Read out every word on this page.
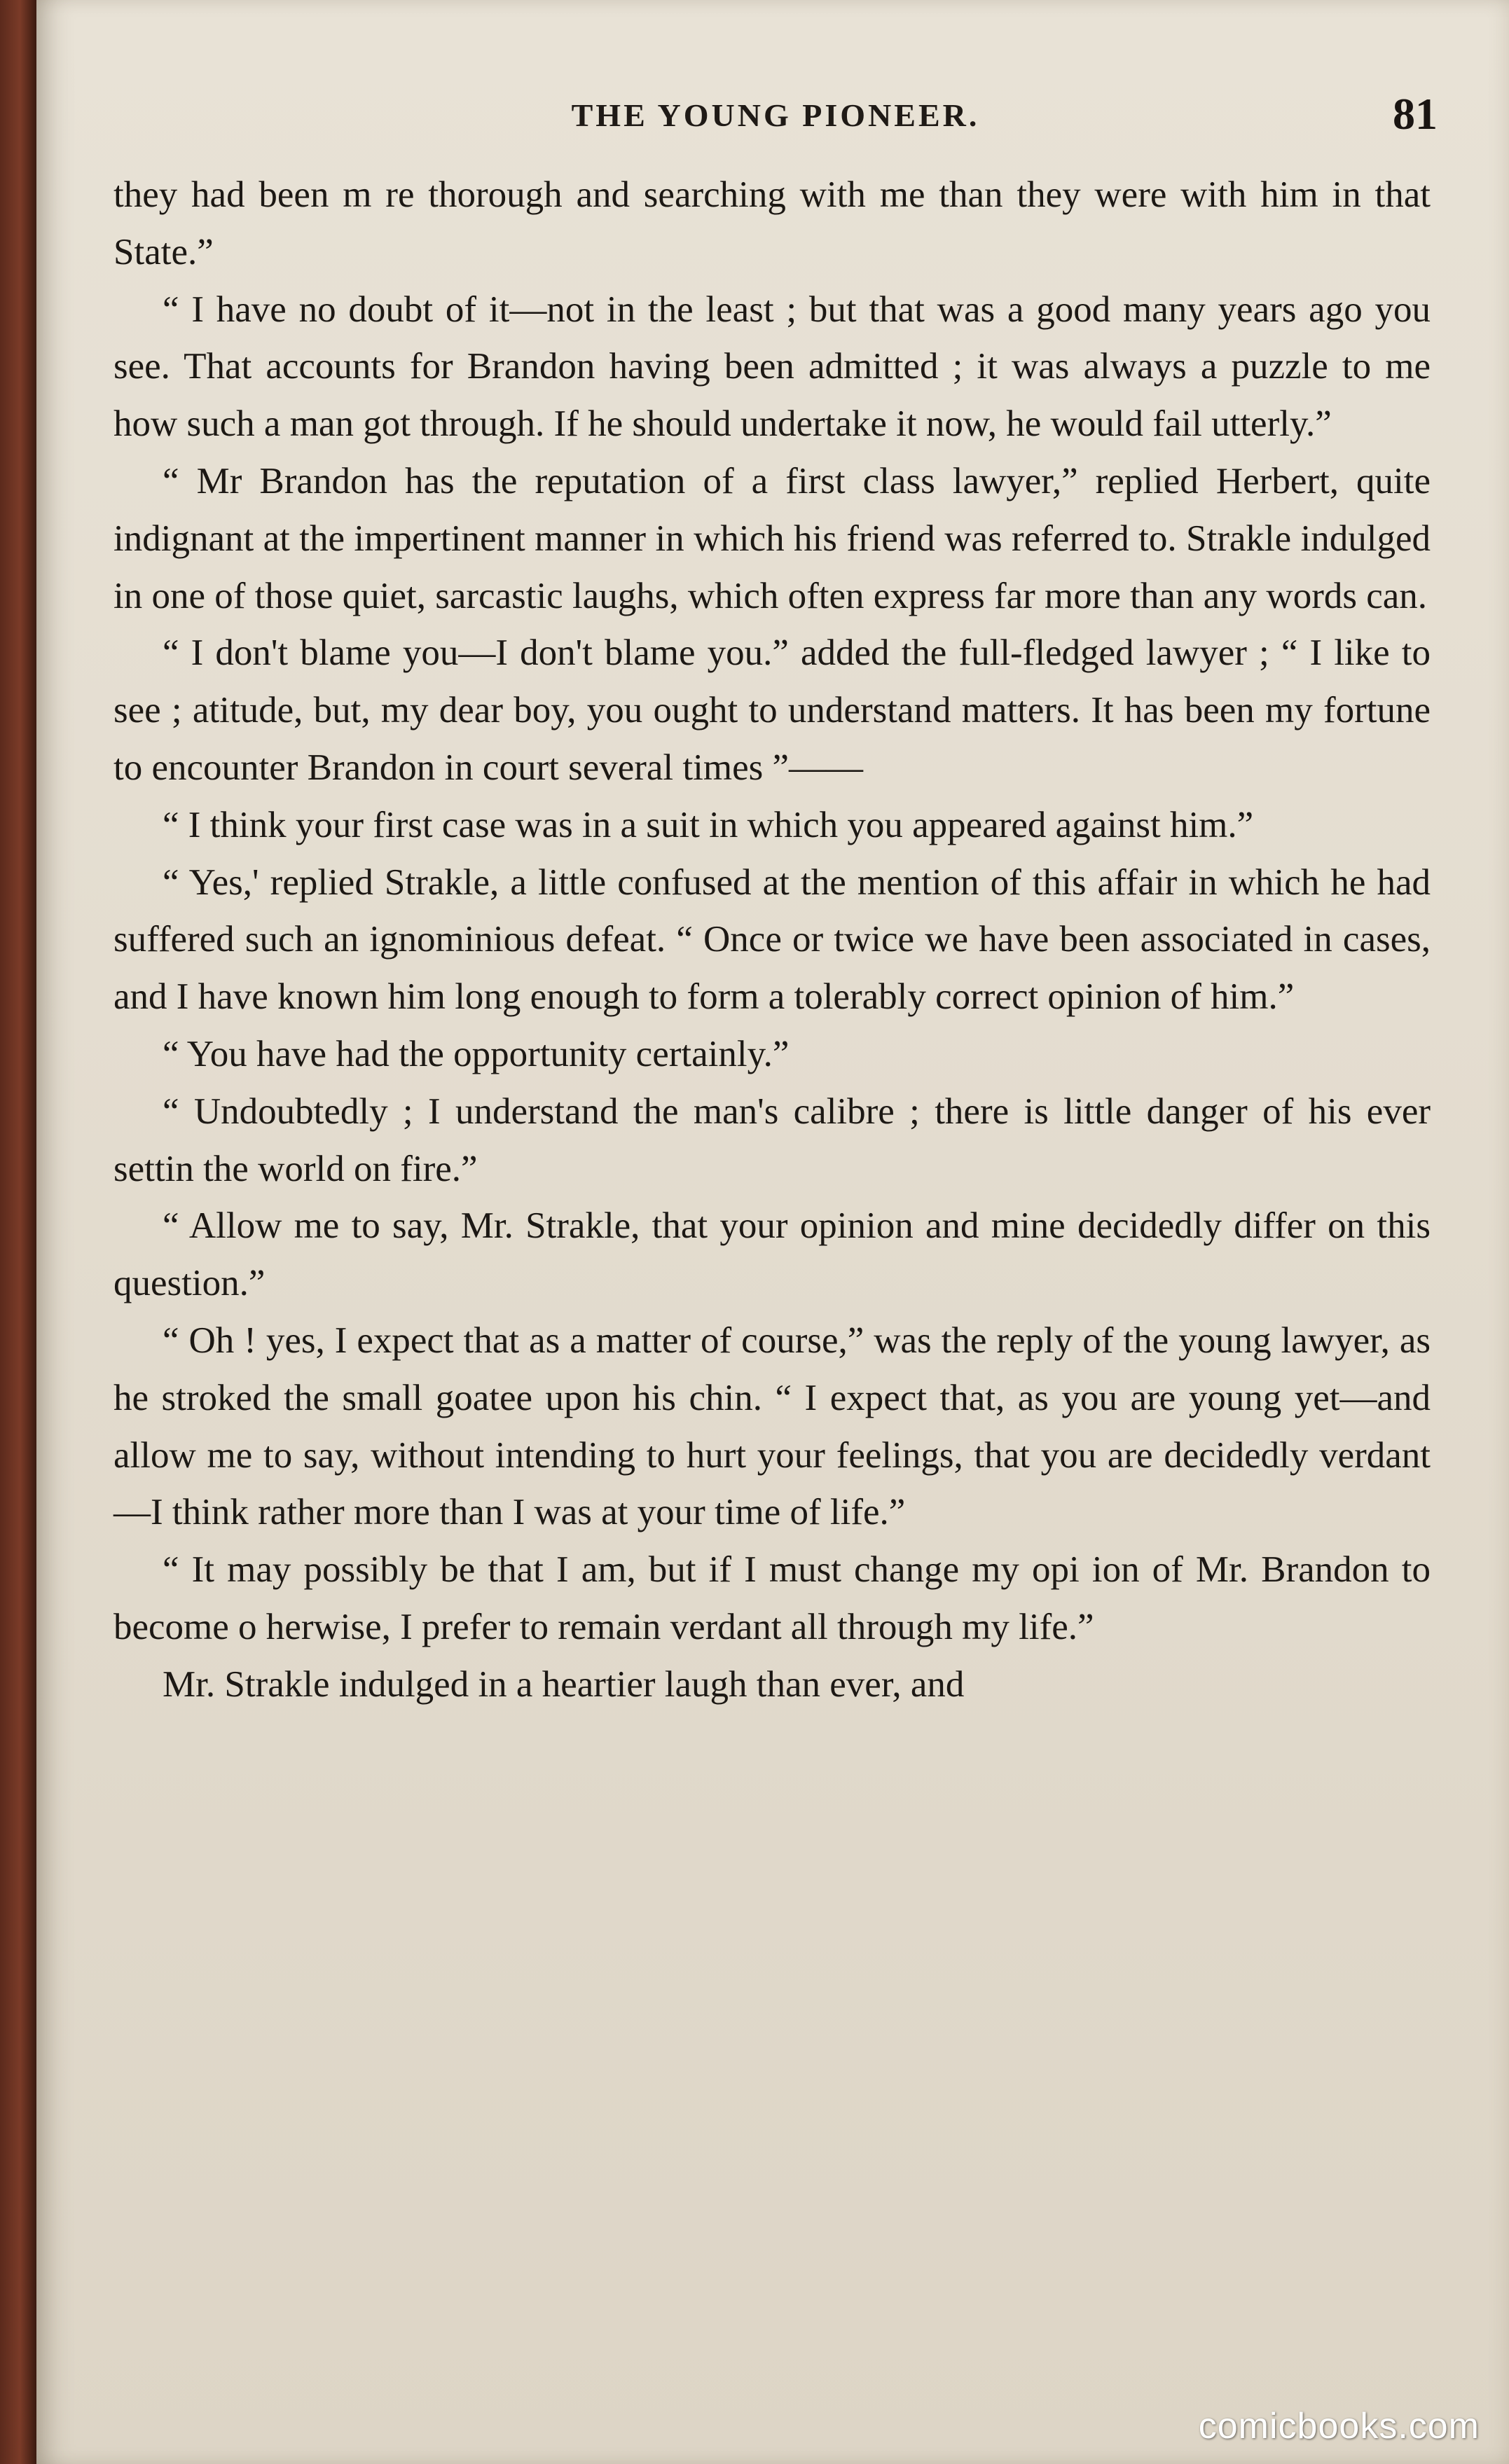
THE YOUNG PIONEER.	81

they had been m re thorough and searching with me than they were with him in that State.”

“ I have no doubt of it—not in the least ; but that was a good many years ago you see. That accounts for Brandon having been admitted ; it was always a puzzle to me how such a man got through. If he should undertake it now, he would fail utterly.”

“ Mr Brandon has the reputation of a first class lawyer,” replied Herbert, quite indignant at the impertinent manner in which his friend was referred to. Strakle indulged in one of those quiet, sarcastic laughs, which often express far more than any words can.

“ I don't blame you—I don't blame you.” added the full-fledged lawyer ; “ I like to see ; atitude, but, my dear boy, you ought to understand matters. It has been my fortune to encounter Brandon in court several times ”——

“ I think your first case was in a suit in which you appeared against him.”

“ Yes,' replied Strakle, a little confused at the mention of this affair in which he had suffered such an ignominious defeat. “ Once or twice we have been associated in cases, and I have known him long enough to form a tolerably correct opinion of him.”

“ You have had the opportunity certainly.”

“ Undoubtedly ; I understand the man's calibre ; there is little danger of his ever settin the world on fire.”

“ Allow me to say, Mr. Strakle, that your opinion and mine decidedly differ on this question.”

“ Oh ! yes, I expect that as a matter of course,” was the reply of the young lawyer, as he stroked the small goatee upon his chin. “ I expect that, as you are young yet—and allow me to say, without intending to hurt your feelings, that you are decidedly verdant—I think rather more than I was at your time of life.”

“ It may possibly be that I am, but if I must change my opi ion of Mr. Brandon to become o herwise, I prefer to remain verdant all through my life.”

Mr. Strakle indulged in a heartier laugh than ever, and

comicbooks.com
